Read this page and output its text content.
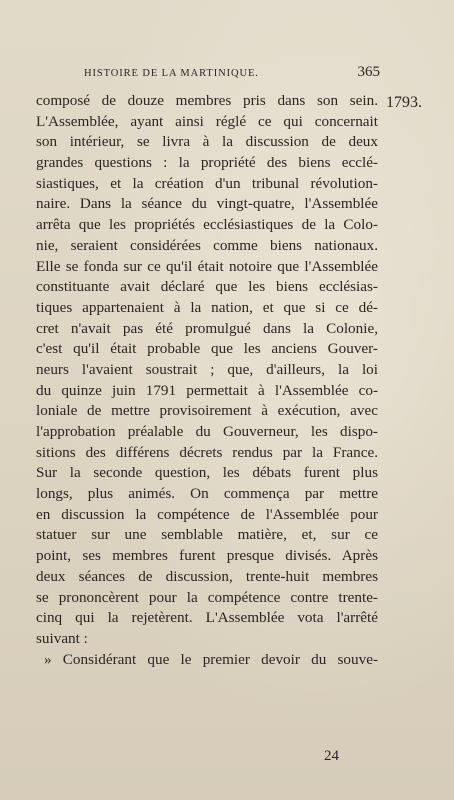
HISTOIRE DE LA MARTINIQUE.	365
1793.
composé de douze membres pris dans son sein.
L'Assemblée, ayant ainsi réglé ce qui concernait
son intérieur, se livra à la discussion de deux
grandes questions : la propriété des biens ecclé-
siastiques, et la création d'un tribunal révolution-
naire. Dans la séance du vingt-quatre, l'Assemblée
arrêta que les propriétés ecclésiastiques de la Colo-
nie, seraient considérées comme biens nationaux.
Elle se fonda sur ce qu'il était notoire que l'Assemblée
constituante avait déclaré que les biens ecclésias-
tiques appartenaient à la nation, et que si ce dé-
cret n'avait pas été promulgué dans la Colonie,
c'est qu'il était probable que les anciens Gouver-
neurs l'avaient soustrait ; que, d'ailleurs, la loi
du quinze juin 1791 permettait à l'Assemblée co-
loniale de mettre provisoirement à exécution, avec
l'approbation préalable du Gouverneur, les dispo-
sitions des différens décrets rendus par la France.
Sur la seconde question, les débats furent plus
longs, plus animés. On commença par mettre
en discussion la compétence de l'Assemblée pour
statuer sur une semblable matière, et, sur ce
point, ses membres furent presque divisés. Après
deux séances de discussion, trente-huit membres
se prononcèrent pour la compétence contre trente-
cinq qui la rejetèrent. L'Assemblée vota l'arrêté
suivant :
» Considérant que le premier devoir du souve-
24
